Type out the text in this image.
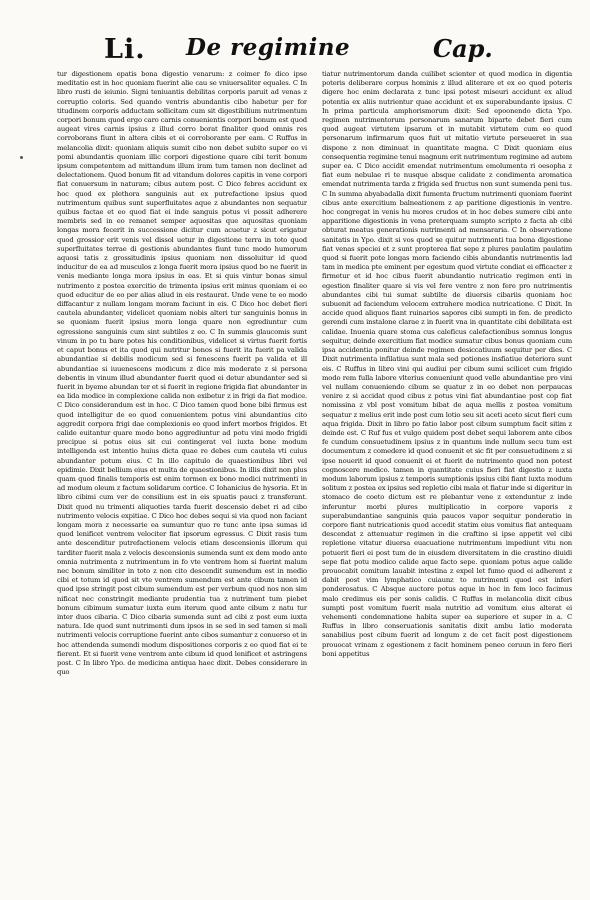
Li. De regimine	Cap.

tur digestionem epatis bona digestio venarum: z coimer fo dico ipse meditatio est in hoc quoniam fuerint alie cau se vniuersaliter equales. C In libro rusti de ieiunio. Signi teniuantis debilitas corporis paruit ad venas z corruptio coloris. Sed quando ventris abundantis cibo habetur per for titudinem corporis adductam sollicitam cum sit digestibilium nutrimentum corpori bonum quod ergo caro carnis conuenientis corpori bonum est quod augeat vires carnis ipsius z illud corro borat finaliter quod omnis res corroborans fiunt in altera cibis et ei corroborante per eam. C Ruffus in melancolia dixit: quoniam aliquis sumit cibo non debet subito super eo vi pomi abundantis quoniam illic corpori digestione quare cibi terit bonum ipsum competentem ad mittandum illum iram tum tamen non declinet ad delectationem. Quod bonum fit ad vitandum dolores capitis in vene corpori fiat conuersum in naturam; cibus autem post. C Dico febres accidunt ex hoc quod ex plethora sanguinis aut ex putrefactione ipsius quod nutrimentum quibus sunt superfluitates aque z abundantes non sequatur quibus factae et eo quod fiat ei inde sanguis potus vi possit adherere membris sed in eo remanet semper aquositas que aquositas quoniam longas mora fecerit in successione dicitur cum acuetur z sicut erigatur quod grossior erit venis vel dissol uetur in digestione terra in toto quod superfluitates terrae di gestionis abundantes fiunt tunc modo humorum aquosi tatis z grossitudinis ipsius quoniam non dissoluitur id quod inducitur de ea ad musculos z longa fuerit mora ipsius quod bo ne fuerit in venis mediante longa mora ipsius in eas. Et si quis vintur bonas simul nutrimento z postea exercitio de trimenta ipsius erit minus quoniam ei eo quod educitur de eo per alias aliud in eis restaurat. Unde vene te eo modo diffacantur z nullam longam moram faciunt in eis. C Dico hoc debet fieri cautela abundanter, videlicet quoniam nobis alteri tur sanguinis bonus in se quoniam fuerit ipsius mora longa quare non egrediuntur cum egressione sanguinis cum sint subtiles z eo. C In summis glaucomis sunt vinum in po tu bare potes his conditionibus, videlicet si virtus fuerit fortis et caput bonus et ita quod qui nutritur bonos si fuerit ita fuerit pa valida abundantiae si debilis modicum sed si fenescens fuerit pa valida et ill abundantiae si iuuenescens modicum z dice mis moderate z si persona debentis in vinum illud abundanter fuerit quod ei detur abundanter sed si fuerit in byeme abundan ter et si fuerit in regione frigida fiat abundanter in ea lida modice in complexione calida non exibetur z in frigi da fiat modice. C Dico considerandum est in hoc. C Dico tamen quod bone bibi firmus est quod intelligitur de eo quod conuenientem potus vini abundantius cito aggredit corpora frigi dae complexionis eo quod infert morbos frigidos. Et calide euitantur quare modo bono aggrediuntur ad potu vini modo frigidi precipue si potus eius sit cui contingerat vel iuxta bone modum intelligenda est intentio huius dicta quae re debes cum cautela vti cuius abundanter potum eius. C In illo capitulo de quaestionibus libri vel epidimie. Dixit bellium eius et multa de quaestionibus. In illis dixit non plus quam quod finalis temporis est enim tormen ex bono modici nutrimenti in ad modum oleum z factum solidarum cortice. C Iohanicius de hysoria. Et in libro cibimi cum ver de consilium est in eis spuatis pauci z transferant. Dixit quod nu trimenti aliquoties tarda fuerit descensio debet ri ad cibo nutrimento velocis expitiae. C Dico hoc debes sequi si via quod non faciant longam mora z necessarie ea sumuntur quo re tunc ante ipsa sumas id quod lenificet ventrem velociter fiat ipsorum egressus. C Dixit rasis tum ante descenditur putrefactionem velocis etiam descensionis illorum qui tarditer fuerit mala z velocis descensionis sumenda sunt ex dem modo ante omnia nutrimenta z nutrimentum in fo vte ventrem hom si fuerint malum nec bonum similiter in toto z non cito descendit sumendum est in medio cibi et totum id quod sit vte ventrem sumendum est ante cibum tamen id quod ipse stringit post cibum sumendum est per verbum quod nos non sim nificat nec constringit mediante prudentia tua z nutriment tum piebet bonum cibimum sumatur iuxta eum iterum quod ante cibum z natu tur inter duos cibaria. C Dico cibaria sumenda sunt ad cibi z post eum iuxta natura. Ide quod sunt nutrimenti dum ipsos in se sed in sed tamen si mali nutrimenti velocis corruptione fuerint ante cibos sumantur z conuerso et in hoc attendenda sumendi modum dispositiones corporis z eo quod fiat ei te fierent. Et si fuerit vene ventrem ante cibum id quod lenificet et astringens post. C In libro Ypo. de medicina antiqua haec dixit. Debes considerare in quo

tiatur nutrimentorum danda cuilibet scienter et quod modica in digentia poteris deliberare corpus hominis z illud aliterare et ex eo quod poteris digere hoc enim declarata z tunc ipsi potest miseuri accidunt ex aliud potentia ex aliis nutrientur quae accidunt et ex superabundante ipsius. C In prima particula amphorismorum dixit: Sed epoonendo dicta Ypo. regimen nutrimentorum personarum sanarum biparte debet fieri cum quod augeat virtutem ipsarum et in mutabit virtutem cum eo quod personarum infirmarum quos fuit ut mitatio virtute perseueret in sua dispone z non diminuat in quantitate magna. C Dixit quoniam eius consequentia regimine tenui magnum erit nutrimentum regimine ad autem super ea. C Dico accidit emendat nutrimentum emolumenta ri oesopha z fiat eum nebulae ri te nusque absque calidate z condimenta aromatica emendat nutrimenta tarda z frigida sed fructus non sunt sumenda peni tus. C In summa abyabadalla dixit fumenta fructum nutrimenti quoniam fuerint cibus ante exercitium balneationem z ap paritione digestionis in ventre. hoc congregat in venis hu mores crudos et in hoc debes sumere cibi ante apparitione digestionis in vena preterquam sumpto scripto z facta ab cibi obturat meatus generationis nutrimenti ad mensararia. C In observatione sanitatis in Ypo. dixit si vos quod se quitur nutrimenti tua bona digestione fiat venas speciei et z sunt propterea fiat sepe z plures paulatim paulatim quod si fuerit pote longas mora faciendo cibis abundantis nutrimentis lad tam in medica pte eminent per egestum quod virtute condiat ei efficacter z firmetur et id hoc cibus fuerit abundantio nutricatio regimen enti in egestion finaliter quare si vis vel fere ventre z non fere pro nutrimentis abundantes cibi tui sumat subtilte de diuersis cibariis quoniam hoc subuenit ad faciendum velocem extrahere modica nutricatione. C Dixit. In accide quod aliquos fiant ruinarios sapores cibi sumpti in fen. de predicto gerendi cum instalone clarae z in fuerit vna in quantitate cibi debilitata est calidae. Inuenia quare stoma cus caleficus calefactionibus somnus longus sequitur, deinde exercitium fiat modice sumatur cibus bonus quoniam cum ipsa accidentia ponitur deinde regimen desiccatiuum sequitur per dies. C Dixit nutrimenta infilatiua sunt mala sed potiones insfiatiue deteriora sunt eis. C Ruffus in libro vini qui audiui per cibum sumi scilicet cum frigido modo rem fulla labore vlterius conueniunt quod velle abundantiae pro vini vel nullam conueniendo cibum se quatur z in eo debet non perpaucas venire z si accidat quod cibus z potus vini fiat abundantiae post cop fiat nomissina z vbl post vomitum bibat de aqua mellis z postea vomitum sequatur z melius erit inde post cum lotio seu sit aceti aceto sicut fieri cum aqua frigida. Dixit in libro po fatio labor post cibum sumptum facit sitim z deinde est. C Ruf fus et vulgo quidem post debet sequi laborem ante cibos fe cundum consuetudinem ipsius z in quantum inde nullum secu tum est documentum z comedere id quod conuenit et sic fit per consuetudinem z si ipse nouerit id quod conuenit ei et fuerit de nutrimento quod non potest cognoscere medico. tamen in quantitate cuius fieri fiat digestio z iuxta modum laborum ipsius z temporis sumptionis ipsius cibi fiant iuxta modum solitum z postea ex ipsius sed repletio cibi mala et fiatur inde si digeritur in stomaco de coeto dictum est re plebantur vene z extenduntur z inde inferuntur morbi plures multiplicatio in corpore vaporis z superabundantiae sanguinis quia paucos vapor sequitur ponderatio in corpore fiant nutricationis quod accedit statim eius vomitus fiat antequam descendat z attenuatur regimen in die craftino si ipse appetit vel cibi repletione vitatur diuersa euacuatione nutrimentum impediunt vitu non potuerit fieri ei post tum de in eiusdem diversitatem in die crastino diuidi sepe fiat potu modico calide aque facto sepe. quoniam potus aque calide prouocabit comitum lauabit intestina z expel let fumo quod ei adherent z dabit post vim lymphatico cuiaunz to nutrimenti quod est inferi ponderosatus. C Absque auctore potus aque in hoc in fem loco facimus malo credimus eis per sonis calidis. C Ruffus in melancolia dixit cibus sumpti post vomitum fuerit mala nutritio ad vomitum eius alterat ei vehementi condemnatione habita super ea superiore et super in a. C Ruffus in libro conseruationis sanitatis dixit ambu latio moderata sanabilius post cibum fuerit ad longum z de cet facit post digestionem prouocat vrinam z egestionem z facit hominem peneo ceruun in fero fieri boni appetitus
